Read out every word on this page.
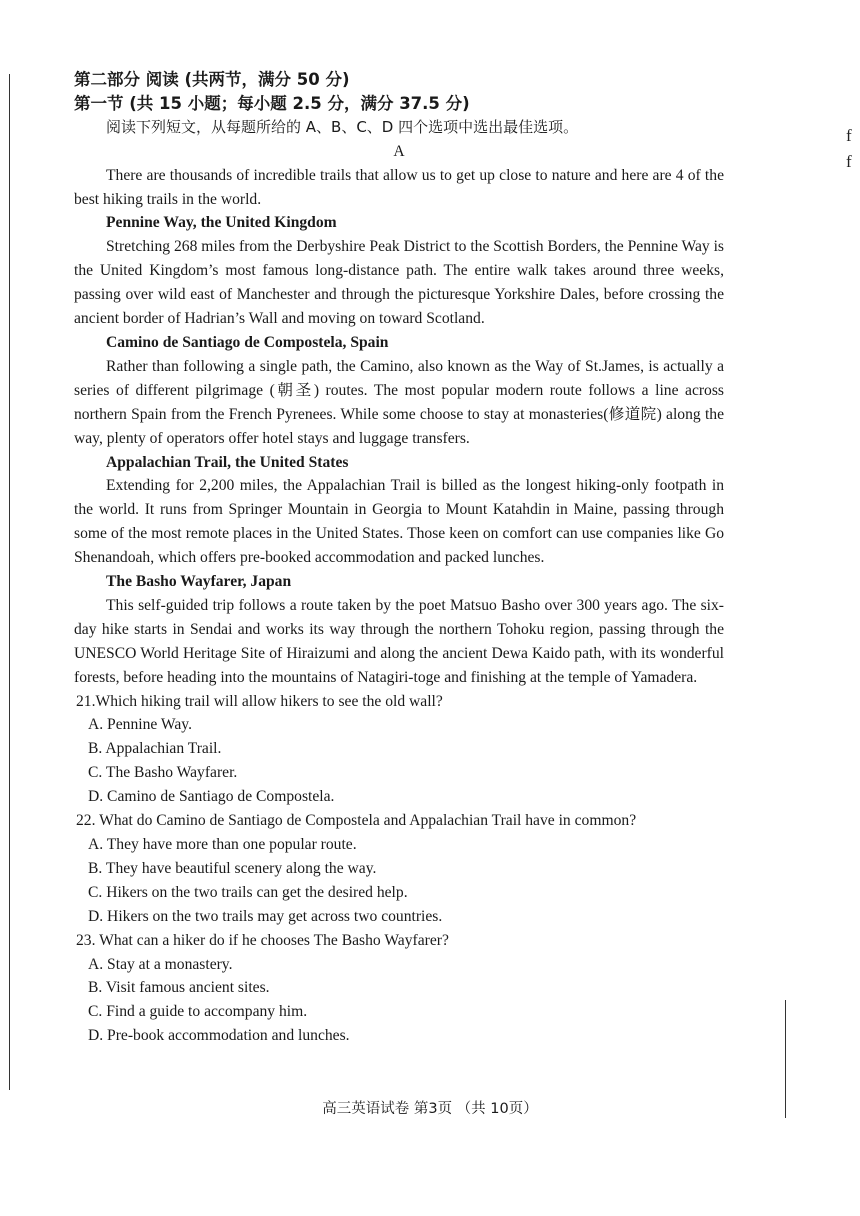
f
f

第二部分 阅读 (共两节，满分 50 分)

第一节 (共 15 小题；每小题 2.5 分，满分 37.5 分)

阅读下列短文，从每题所给的 A、B、C、D 四个选项中选出最佳选项。

A

There are thousands of incredible trails that allow us to get up close to nature and here are 4 of the best hiking trails in the world.

Pennine Way, the United Kingdom

Stretching 268 miles from the Derbyshire Peak District to the Scottish Borders, the Pennine Way is the United Kingdom’s most famous long-distance path. The entire walk takes around three weeks, passing over wild east of Manchester and through the picturesque Yorkshire Dales, before crossing the ancient border of Hadrian’s Wall and moving on toward Scotland.

Camino de Santiago de Compostela, Spain

Rather than following a single path, the Camino, also known as the Way of St.James, is actually a series of different pilgrimage (朝圣) routes. The most popular modern route follows a line across northern Spain from the French Pyrenees. While some choose to stay at monasteries(修道院) along the way, plenty of operators offer hotel stays and luggage transfers.

Appalachian Trail, the United States

Extending for 2,200 miles, the Appalachian Trail is billed as the longest hiking-only footpath in the world. It runs from Springer Mountain in Georgia to Mount Katahdin in Maine, passing through some of the most remote places in the United States. Those keen on comfort can use companies like Go Shenandoah, which offers pre-booked accommodation and packed lunches.

The Basho Wayfarer, Japan

This self-guided trip follows a route taken by the poet Matsuo Basho over 300 years ago. The six-day hike starts in Sendai and works its way through the northern Tohoku region, passing through the UNESCO World Heritage Site of Hiraizumi and along the ancient Dewa Kaido path, with its wonderful forests, before heading into the mountains of Natagiri-toge and finishing at the temple of Yamadera.

21.Which hiking trail will allow hikers to see the old wall?

A. Pennine Way.

B. Appalachian Trail.

C. The Basho Wayfarer.

D. Camino de Santiago de Compostela.

22. What do Camino de Santiago de Compostela and Appalachian Trail have in common?

A. They have more than one popular route.

B. They have beautiful scenery along the way.

C. Hikers on the two trails can get the desired help.

D. Hikers on the two trails may get across two countries.

23. What can a hiker do if he chooses The Basho Wayfarer?

A. Stay at a monastery.

B. Visit famous ancient sites.

C. Find a guide to accompany him.

D. Pre-book accommodation and lunches.

高三英语试卷 第3页 （共 10页）
